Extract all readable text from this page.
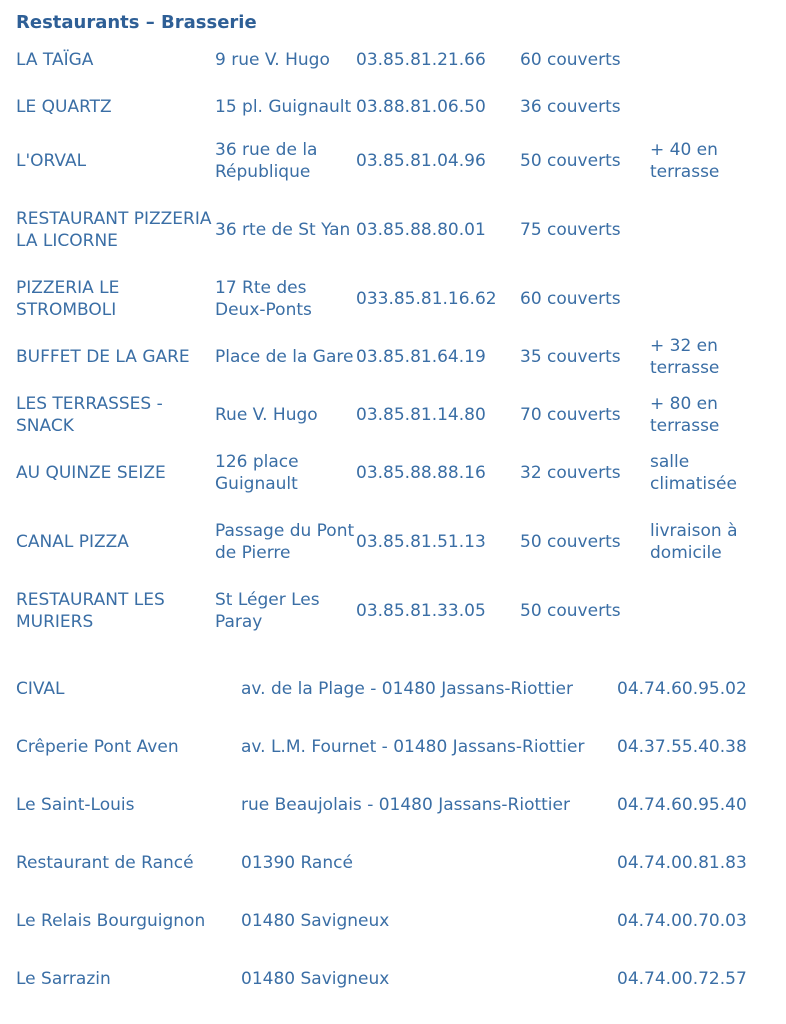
Restaurants – Brasserie
LA TAÏGA	9 rue V. Hugo	03.85.81.21.66	60 couverts	
LE QUARTZ	15 pl. Guignault	03.88.81.06.50	36 couverts	
L'ORVAL	36 rue de la République	03.85.81.04.96	50 couverts	+ 40 en terrasse
RESTAURANT PIZZERIA LA LICORNE	36 rte de St Yan	03.85.88.80.01	75 couverts	
PIZZERIA LE STROMBOLI	17 Rte des Deux-Ponts	033.85.81.16.62	60 couverts	
BUFFET DE LA GARE	Place de la Gare	03.85.81.64.19	35 couverts	+ 32 en terrasse
LES TERRASSES - SNACK	Rue V. Hugo	03.85.81.14.80	70 couverts	+ 80 en terrasse
AU QUINZE SEIZE	126 place Guignault	03.85.88.88.16	32 couverts	salle climatisée
CANAL PIZZA	Passage du Pont de Pierre	03.85.81.51.13	50 couverts	livraison à domicile
RESTAURANT LES MURIERS	St Léger Les Paray	03.85.81.33.05	50 couverts	
CIVAL	av. de la Plage - 01480 Jassans-Riottier	04.74.60.95.02
Crêperie Pont Aven	av. L.M. Fournet - 01480 Jassans-Riottier	04.37.55.40.38
Le Saint-Louis	rue Beaujolais - 01480 Jassans-Riottier	04.74.60.95.40
Restaurant de Rancé	01390 Rancé	04.74.00.81.83
Le Relais Bourguignon	01480 Savigneux	04.74.00.70.03
Le Sarrazin	01480 Savigneux	04.74.00.72.57
